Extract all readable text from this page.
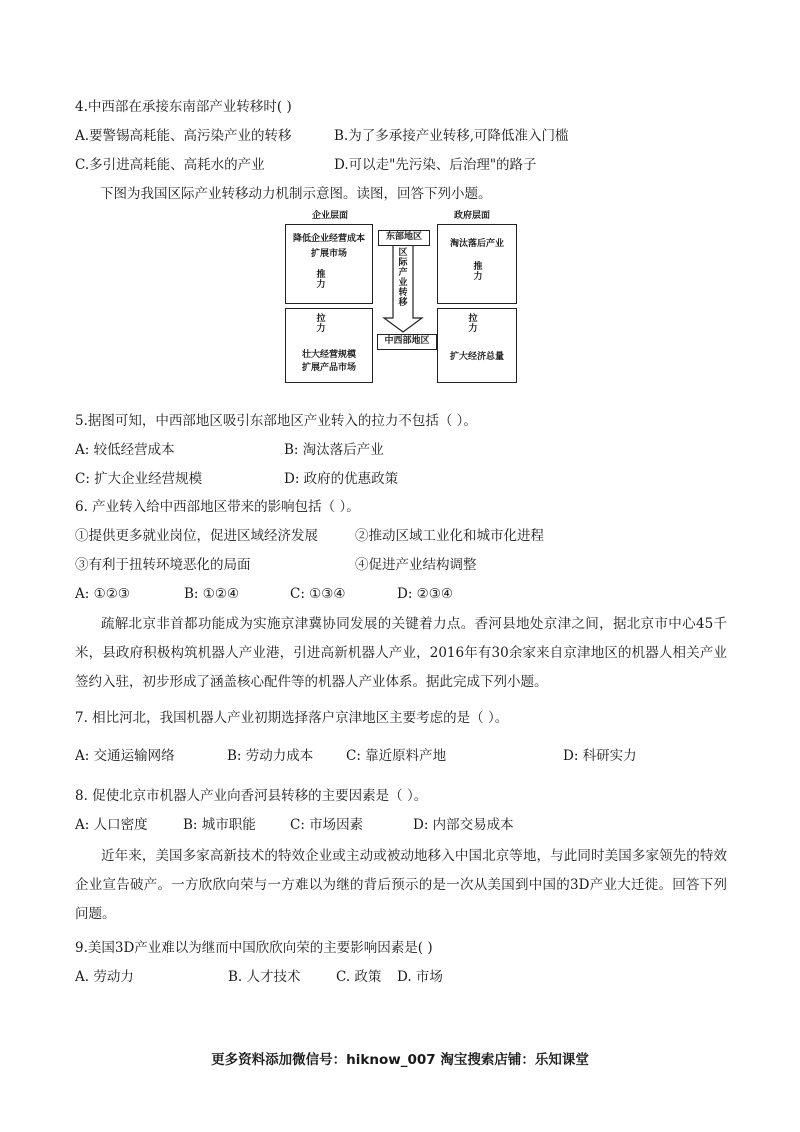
4.中西部在承接东南部产业转移时( )
A.要警锡高耗能、高污染产业的转移	B.为了多承接产业转移,可降低准入门槛
C.多引进高耗能、高耗水的产业	D.可以走"先污染、后治理"的路子
下图为我国区际产业转移动力机制示意图。读图，回答下列小题。
企业层面	政府层面
降低企业经营成本
扩展市场
推力
淘汰落后产业
推力
东部地区
区际产业转移
中西部地区
拉力
壮大经营规模
扩展产品市场
拉力
扩大经济总量
5.据图可知，中西部地区吸引东部地区产业转入的拉力不包括（ ）。
A: 较低经营成本	B: 淘汰落后产业
C: 扩大企业经营规模	D: 政府的优惠政策
6. 产业转入给中西部地区带来的影响包括（ ）。
①提供更多就业岗位，促进区域经济发展	②推动区域工业化和城市化进程
③有利于扭转环境恶化的局面	④促进产业结构调整
A: ①②③	B: ①②④	C: ①③④	D: ②③④
疏解北京非首都功能成为实施京津冀协同发展的关键着力点。香河县地处京津之间，据北京市中心45千米，县政府积极构筑机器人产业港，引进高新机器人产业，2016年有30余家来自京津地区的机器人相关产业签约入驻，初步形成了涵盖核心配件等的机器人产业体系。据此完成下列小题。
7. 相比河北，我国机器人产业初期选择落户京津地区主要考虑的是（ ）。
A: 交通运输网络	B: 劳动力成本 C: 靠近原料产地	D: 科研实力
8. 促使北京市机器人产业向香河县转移的主要因素是（ ）。
A: 人口密度	B: 城市职能	C: 市场因素	D: 内部交易成本
近年来，美国多家高新技术的特效企业或主动或被动地移入中国北京等地，与此同时美国多家领先的特效企业宣告破产。一方欣欣向荣与一方难以为继的背后预示的是一次从美国到中国的3D产业大迁徙。回答下列问题。
9.美国3D产业难以为继而中国欣欣向荣的主要影响因素是( )
A. 劳动力	B. 人才技术	C. 政策 D. 市场
更多资料添加微信号：hiknow_007 淘宝搜索店铺：乐知课堂
